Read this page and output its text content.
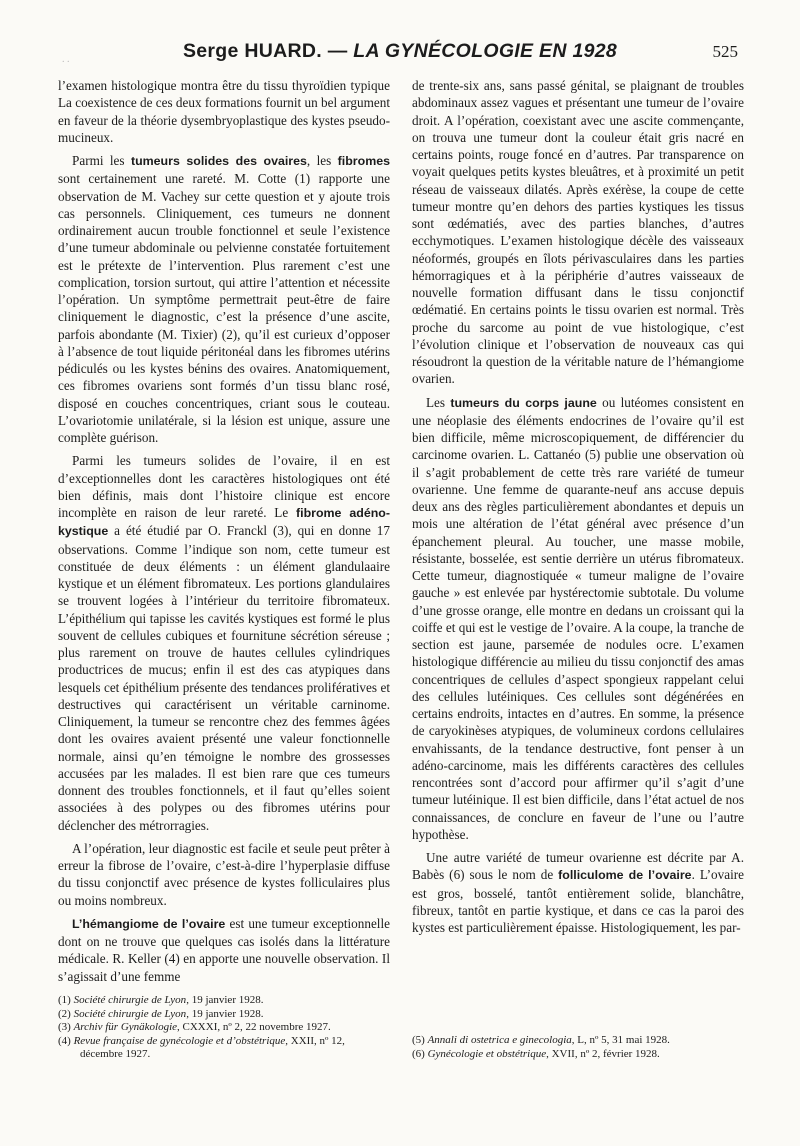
. .	Serge HUARD. — LA GYNÉCOLOGIE EN 1928	525

l’examen histologique montra être du tissu thyroïdien typique La coexistence de ces deux formations fournit un bel argument en faveur de la théorie dysembryoplastique des kystes pseudo-mucineux.

Parmi les tumeurs solides des ovaires, les fibromes sont certainement une rareté. M. Cotte (1) rapporte une observation de M. Vachey sur cette question et y ajoute trois cas personnels. Cliniquement, ces tumeurs ne donnent ordinairement aucun trouble fonctionnel et seule l’existence d’une tumeur abdominale ou pelvienne constatée fortuitement est le prétexte de l’intervention. Plus rarement c’est une complication, torsion surtout, qui attire l’attention et nécessite l’opération. Un symptôme permettrait peut-être de faire cliniquement le diagnostic, c’est la présence d’une ascite, parfois abondante (M. Tixier) (2), qu’il est curieux d’opposer à l’absence de tout liquide péritonéal dans les fibromes utérins pédiculés ou les kystes bénins des ovaires. Anatomiquement, ces fibromes ovariens sont formés d’un tissu blanc rosé, disposé en couches concentriques, criant sous le couteau. L’ovariotomie unilatérale, si la lésion est unique, assure une complète guérison.

Parmi les tumeurs solides de l’ovaire, il en est d’exceptionnelles dont les caractères histologiques ont été bien définis, mais dont l’histoire clinique est encore incomplète en raison de leur rareté. Le fibrome adéno-kystique a été étudié par O. Franckl (3), qui en donne 17 observations. Comme l’indique son nom, cette tumeur est constituée de deux éléments : un élément glandulaaire kystique et un élément fibromateux. Les portions glandulaires se trouvent logées à l’intérieur du territoire fibromateux. L’épithélium qui tapisse les cavités kystiques est formé le plus souvent de cellules cubiques et fournitune sécrétion séreuse ; plus rarement on trouve de hautes cellules cylindriques productrices de mucus; enfin il est des cas atypiques dans lesquels cet épithélium présente des tendances prolifératives et destructives qui caractérisent un véritable carninome. Cliniquement, la tumeur se rencontre chez des femmes âgées dont les ovaires avaient présenté une valeur fonctionnelle normale, ainsi qu’en témoigne le nombre des grossesses accusées par les malades. Il est bien rare que ces tumeurs donnent des troubles fonctionnels, et il faut qu’elles soient associées à des polypes ou des fibromes utérins pour déclencher des métrorragies.

A l’opération, leur diagnostic est facile et seule peut prêter à erreur la fibrose de l’ovaire, c’est-à-dire l’hyperplasie diffuse du tissu conjonctif avec présence de kystes folliculaires plus ou moins nombreux.

L’hémangiome de l’ovaire est une tumeur exceptionnelle dont on ne trouve que quelques cas isolés dans la littérature médicale. R. Keller (4) en apporte une nouvelle observation. Il s’agissait d’une femme

de trente-six ans, sans passé génital, se plaignant de troubles abdominaux assez vagues et présentant une tumeur de l’ovaire droit. A l’opération, coexistant avec une ascite commençante, on trouva une tumeur dont la couleur était gris nacré en certains points, rouge foncé en d’autres. Par transparence on voyait quelques petits kystes bleuâtres, et à proximité un petit réseau de vaisseaux dilatés. Après exérèse, la coupe de cette tumeur montre qu’en dehors des parties kystiques les tissus sont œdématiés, avec des parties blanches, d’autres ecchymotiques. L’examen histologique décèle des vaisseaux néoformés, groupés en îlots périvasculaires dans les parties hémorragiques et à la périphérie d’autres vaisseaux de nouvelle formation diffusant dans le tissu conjonctif œdématié. En certains points le tissu ovarien est normal. Très proche du sarcome au point de vue histologique, c’est l’évolution clinique et l’observation de nouveaux cas qui résoudront la question de la véritable nature de l’hémangiome ovarien.

Les tumeurs du corps jaune ou lutéomes consistent en une néoplasie des éléments endocrines de l’ovaire qu’il est bien difficile, même microscopiquement, de différencier du carcinome ovarien. L. Cattanéo (5) publie une observation où il s’agit probablement de cette très rare variété de tumeur ovarienne. Une femme de quarante-neuf ans accuse depuis deux ans des règles particulièrement abondantes et depuis un mois une altération de l’état général avec présence d’un épanchement pleural. Au toucher, une masse mobile, résistante, bosselée, est sentie derrière un utérus fibromateux. Cette tumeur, diagnostiquée « tumeur maligne de l’ovaire gauche » est enlevée par hystérectomie subtotale. Du volume d’une grosse orange, elle montre en dedans un croissant qui la coiffe et qui est le vestige de l’ovaire. A la coupe, la tranche de section est jaune, parsemée de nodules ocre. L’examen histologique différencie au milieu du tissu conjonctif des amas concentriques de cellules d’aspect spongieux rappelant celui des cellules lutéiniques. Ces cellules sont dégénérées en certains endroits, intactes en d’autres. En somme, la présence de caryokinèses atypiques, de volumineux cordons cellulaires envahissants, de la tendance destructive, font penser à un adéno-carcinome, mais les différents caractères des cellules rencontrées sont d’accord pour affirmer qu’il s’agit d’une tumeur lutéinique. Il est bien difficile, dans l’état actuel de nos connaissances, de conclure en faveur de l’une ou l’autre hypothèse.

Une autre variété de tumeur ovarienne est décrite par A. Babès (6) sous le nom de folliculome de l’ovaire. L’ovaire est gros, bosselé, tantôt entièrement solide, blanchâtre, fibreux, tantôt en partie kystique, et dans ce cas la paroi des kystes est particulièrement épaisse. Histologiquement, les par-

(1) Société chirurgie de Lyon, 19 janvier 1928.
(2) Société chirurgie de Lyon, 19 janvier 1928.
(3) Archiv für Gynäkologie, CXXXI, nº 2, 22 novembre 1927.
(4) Revue française de gynécologie et d’obstétrique, XXII, nº 12, décembre 1927.
(5) Annali di ostetrica e ginecologia, L, nº 5, 31 mai 1928.
(6) Gynécologie et obstétrique, XVII, nº 2, février 1928.
